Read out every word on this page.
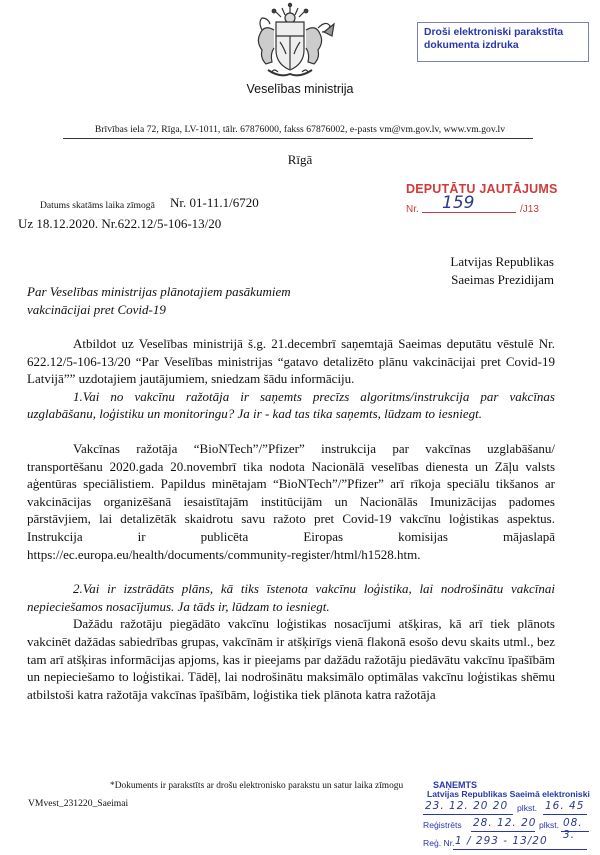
Veselības ministrija
Brīvības iela 72, Rīga, LV-1011, tālr. 67876000, fakss 67876002, e-pasts vm@vm.gov.lv, www.vm.gov.lv
Droši elektroniski parakstīta
dokumenta izdruka
Rīgā
DEPUTĀTU JAUTĀJUMS
Nr. 159	/J13
Datums skatāms laika zīmogā Nr. 01-11.1/6720
Uz 18.12.2020. Nr.622.12/5-106-13/20
Latvijas Republikas
Saeimas Prezidijam
Par Veselības ministrijas plānotajiem pasākumiem vakcinācijai pret Covid-19

Atbildot uz Veselības ministrijā š.g. 21.decembrī saņemtajā Saeimas deputātu vēstulē Nr. 622.12/5-106-13/20 “Par Veselības ministrijas “gatavo detalizēto plānu vakcinācijai pret Covid-19 Latvijā”” uzdotajiem jautājumiem, sniedzam šādu informāciju.

1.Vai no vakcīnu ražotāja ir saņemts precīzs algoritms/instrukcija par vakcīnas uzglabāšanu, loģistiku un monitoringu? Ja ir - kad tas tika saņemts, lūdzam to iesniegt.

Vakcīnas ražotāja “BioNTech”/”Pfizer” instrukcija par vakcīnas uzglabāšanu/ transportēšanu 2020.gada 20.novembrī tika nodota Nacionālā veselības dienesta un Zāļu valsts aģentūras speciālistiem. Papildus minētajam “BioNTech”/”Pfizer” arī rīkoja speciālu tikšanos ar vakcinācijas organizēšanā iesaistītajām institūcijām un Nacionālās Imunizācijas padomes pārstāvjiem, lai detalizētāk skaidrotu savu ražoto pret Covid-19 vakcīnu loģistikas aspektus. Instrukcija ir publicēta Eiropas komisijas mājaslapā https://ec.europa.eu/health/documents/community-register/html/h1528.htm.

2.Vai ir izstrādāts plāns, kā tiks īstenota vakcīnu loģistika, lai nodrošinātu vakcīnai nepieciešamos nosacījumus. Ja tāds ir, lūdzam to iesniegt.

Dažādu ražotāju piegādāto vakcīnu loģistikas nosacījumi atšķiras, kā arī tiek plānots vakcinēt dažādas sabiedrības grupas, vakcīnām ir atšķirīgs vienā flakonā esošo devu skaits utml., bez tam arī atšķiras informācijas apjoms, kas ir pieejams par dažādu ražotāju piedāvātu vakcīnu īpašībām un nepieciešamo to loģistikai. Tādēļ, lai nodrošinātu maksimālo optimālas vakcīnu loģistikas shēmu atbilstoši katra ražotāja vakcīnas īpašībām, loģistika tiek plānota katra ražotāja

*Dokuments ir parakstīts ar drošu elektronisko parakstu un satur laika zīmogu
VMvest_231220_Saeimai
SAŅEMTS
Latvijas Republikas Saeimā elektroniski
23. 12. 20 20 plkst. 16. 45
Reģistrēts 28. 12. 20 plkst. 08. 3.
Reģ. Nr. 1 / 293 - 13/20
